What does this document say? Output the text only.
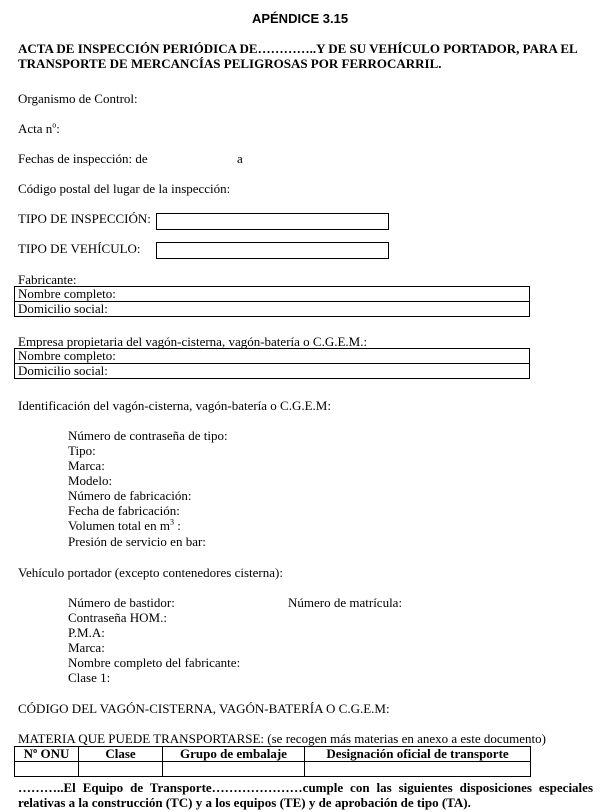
APÉNDICE 3.15
ACTA DE INSPECCIÓN PERIÓDICA DE…………..Y DE SU VEHÍCULO PORTADOR, PARA EL TRANSPORTE DE MERCANCÍAS PELIGROSAS POR FERROCARRIL.
Organismo de Control:
Acta $n^o$:
Fechas de inspección: de	a
Código postal del lugar de la inspección:
TIPO DE INSPECCIÓN:
TIPO DE VEHÍCULO:
Fabricante:
Nombre completo:
Domicilio social:
Empresa propietaria del vagón-cisterna, vagón-batería o C.G.E.M.:
Nombre completo:
Domicilio social:
Identificación del vagón-cisterna, vagón-batería o C.G.E.M:
Número de contraseña de tipo:
Tipo:
Marca:
Modelo:
Número de fabricación:
Fecha de fabricación:
Volumen total en $m^3$ :
Presión de servicio en bar:
Vehículo portador (excepto contenedores cisterna):
Número de bastidor:	Número de matrícula:
Contraseña HOM.:
P.M.A:
Marca:
Nombre completo del fabricante:
Clase 1:
CÓDIGO DEL VAGÓN-CISTERNA, VAGÓN-BATERÍA O C.G.E.M:
MATERIA QUE PUEDE TRANSPORTARSE: (se recogen más materias en anexo a este documento)
Nº ONU	Clase	Grupo de embalaje	Designación oficial de transporte

………..El Equipo de Transporte…………………cumple con las siguientes disposiciones especiales relativas a la construcción (TC) y a los equipos (TE) y de aprobación de tipo (TA).
